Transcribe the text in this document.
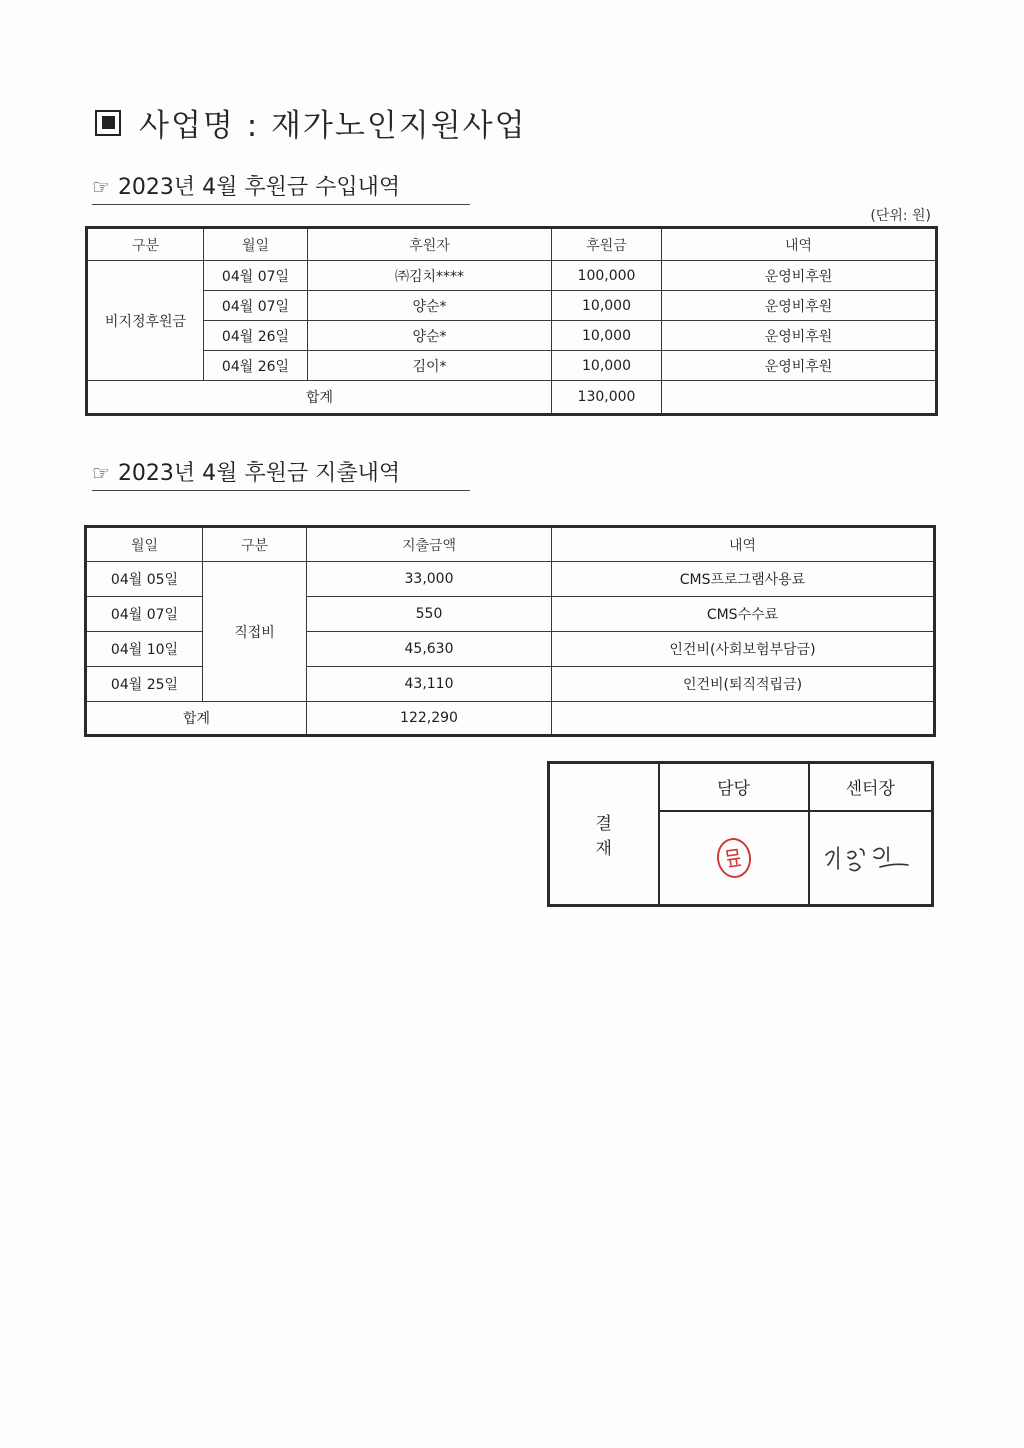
사업명 : 재가노인지원사업
☞ 2023년 4월 후원금 수입내역
(단위: 원)
구분	월일	후원자	후원금	내역
비지정후원금	04월 07일	㈜김치****	100,000	운영비후원
	04월 07일	양순*	10,000	운영비후원
	04월 26일	양순*	10,000	운영비후원
	04월 26일	김이*	10,000	운영비후원
합계			130,000	
☞ 2023년 4월 후원금 지출내역
월일	구분	지출금액	내역
04월 05일	직접비	33,000	CMS프로그램사용료
04월 07일		550	CMS수수료
04월 10일		45,630	인건비(사회보험부담금)
04월 25일		43,110	인건비(퇴직적립금)
합계		122,290	
결
재	담당	센터장
